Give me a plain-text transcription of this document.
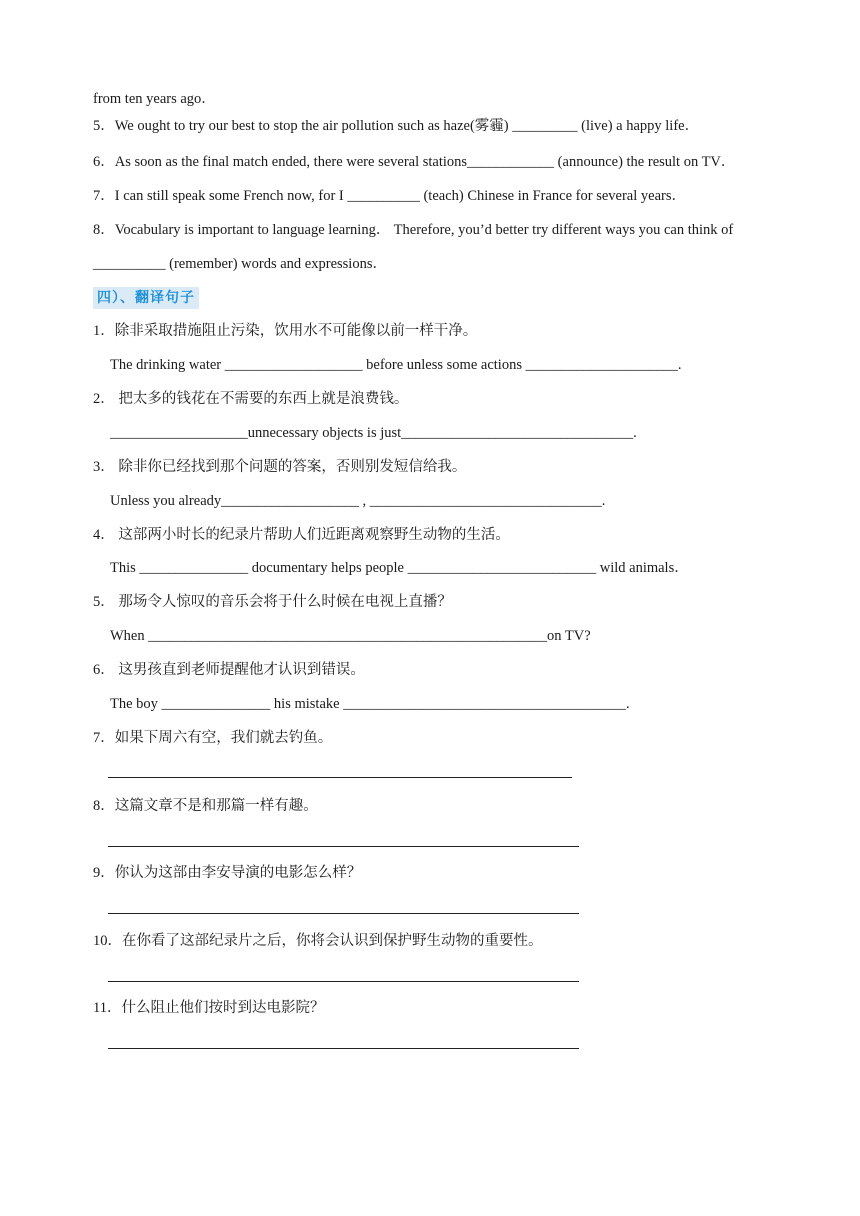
from ten years ago．
5．We ought to try our best to stop the air pollution such as haze(雾霾) _________ (live) a happy life．
6．As soon as the final match ended, there were several stations____________ (announce) the result on TV．
7．I can still speak some French now, for I __________ (teach) Chinese in France for several years．
8．Vocabulary is important to language learning． Therefore, you’d better try different ways you can think of
__________ (remember) words and expressions．
四）、翻译句子
1．除非采取措施阻止污染，饮用水不可能像以前一样干净。
The drinking water ___________________ before unless some actions _____________________.
2． 把太多的钱花在不需要的东西上就是浪费钱。
___________________unnecessary objects is just________________________________.
3． 除非你已经找到那个问题的答案，否则别发短信给我。
Unless you already___________________ , ________________________________.
4． 这部两小时长的纪录片帮助人们近距离观察野生动物的生活。
This _______________ documentary helps people __________________________ wild animals．
5． 那场令人惊叹的音乐会将于什么时候在电视上直播？
When _______________________________________________________on TV?
6． 这男孩直到老师提醒他才认识到错误。
The boy _______________ his mistake _______________________________________.
7．如果下周六有空，我们就去钓鱼。
8．这篇文章不是和那篇一样有趣。
9．你认为这部由李安导演的电影怎么样？
10．在你看了这部纪录片之后，你将会认识到保护野生动物的重要性。
11．什么阻止他们按时到达电影院？
